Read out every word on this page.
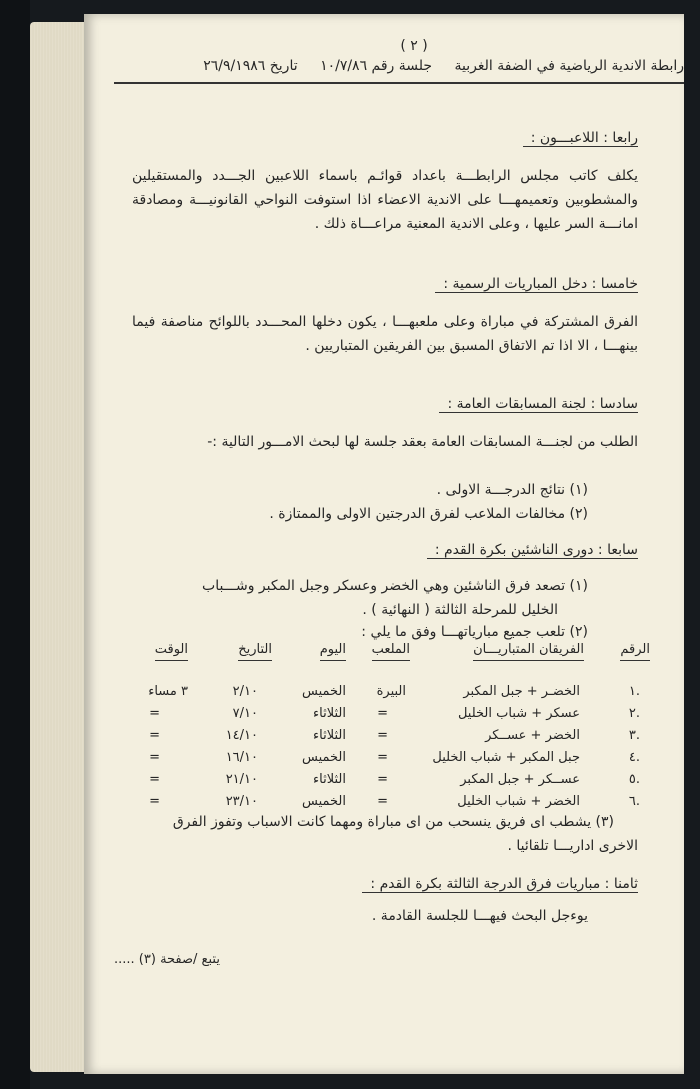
( ٢ )
رابطة الاندية الرياضية في الضفة الغربية جلسة رقم ١٠/٧/٨٦ تاريخ ٢٦/٩/١٩٨٦
رابعا : اللاعبـــون :
يكلف كاتب مجلس الرابطـــة باعداد قوائـم باسماء اللاعبين الجـــدد والمستقيلين والمشطوبين وتعميمهـــا على الاندية الاعضاء اذا استوفت النواحي القانونيـــة ومصادقة امانـــة السر عليها ، وعلى الاندية المعنية مراعـــاة ذلك .
خامسا : دخل المباريات الرسمية :
الفرق المشتركة في مباراة وعلى ملعبهـــا ، يكون دخلها المحـــدد باللوائح مناصفة فيما بينهـــا ، الا اذا تم الاتفاق المسبق بين الفريقين المتباريين .
سادسا : لجنة المسابقات العامة :
الطلب من لجنـــة المسابقات العامة بعقد جلسة لها لبحث الامـــور التالية :-
(١) نتائج الدرجـــة الاولى .
(٢) مخالفات الملاعب لفرق الدرجتين الاولى والممتازة .
سابعا : دورى الناشئين بكرة القدم :
(١) تصعد فرق الناشئين وهي الخضر وعسكر وجبل المكبر وشـــباب
الخليل للمرحلة الثالثة ( النهائية ) .
(٢) تلعب جميع مبارياتهـــا وفق ما يلي :
الرقم
الفريقان المتباريـــان
الملعب
اليوم
التاريخ
الوقت
.١
الخضـر + جبل المكبر
البيرة
الخميس
٢/١٠
٣ مساء
.٢
عسكر + شباب الخليل
=
الثلاثاء
٧/١٠
=
.٣
الخضر + عســكر
=
الثلاثاء
١٤/١٠
=
.٤
جبل المكبر + شباب الخليل
=
الخميس
١٦/١٠
=
.٥
عســكر + جبل المكبر
=
الثلاثاء
٢١/١٠
=
.٦
الخضر + شباب الخليل
=
الخميس
٢٣/١٠
=
(٣) يشطب اى فريق ينسحب من اى مباراة ومهما كانت الاسباب وتفوز الفرق
الاخرى اداريـــا تلقائيا .
ثامنا : مباريات فرق الدرجة الثالثة بكرة القدم :
يوءجل البحث فيهـــا للجلسة القادمة .
يتبع /صفحة (٣) .....
